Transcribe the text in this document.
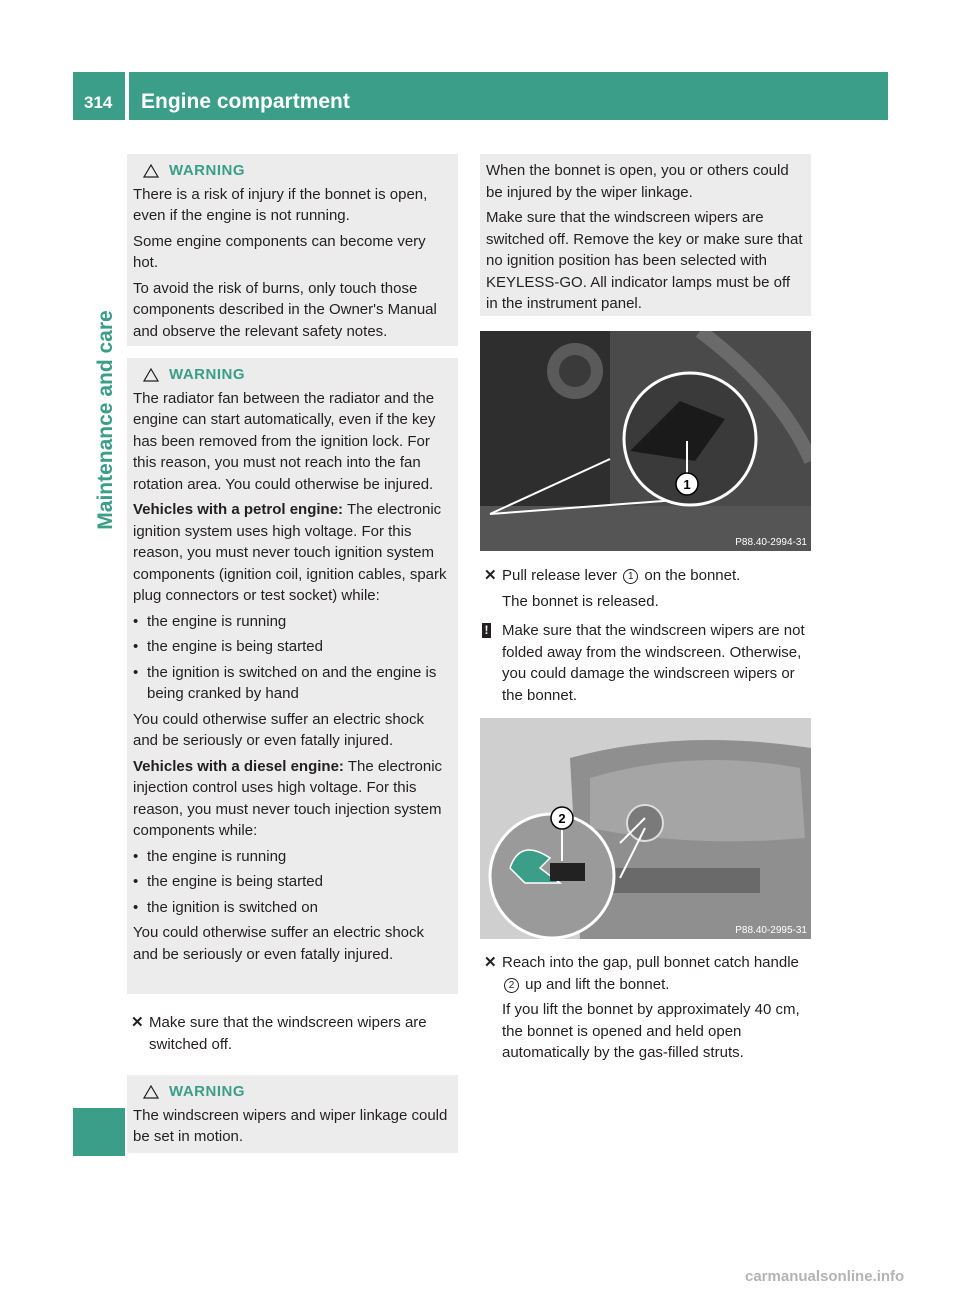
314 Engine compartment
Maintenance and care
WARNING

There is a risk of injury if the bonnet is open, even if the engine is not running.

Some engine components can become very hot.

To avoid the risk of burns, only touch those components described in the Owner's Manual and observe the relevant safety notes.

WARNING

The radiator fan between the radiator and the engine can start automatically, even if the key has been removed from the ignition lock. For this reason, you must not reach into the fan rotation area. You could otherwise be injured.

Vehicles with a petrol engine: The electronic ignition system uses high voltage. For this reason, you must never touch ignition system components (ignition coil, ignition cables, spark plug connectors or test socket) while:

• the engine is running

• the engine is being started

• the ignition is switched on and the engine is being cranked by hand

You could otherwise suffer an electric shock and be seriously or even fatally injured.

Vehicles with a diesel engine: The electronic injection control uses high voltage. For this reason, you must never touch injection system components while:

• the engine is running

• the engine is being started

• the ignition is switched on

You could otherwise suffer an electric shock and be seriously or even fatally injured.

✕ Make sure that the windscreen wipers are switched off.
WARNING

The windscreen wipers and wiper linkage could be set in motion.

When the bonnet is open, you or others could be injured by the wiper linkage.

Make sure that the windscreen wipers are switched off. Remove the key or make sure that no ignition position has been selected with KEYLESS-GO. All indicator lamps must be off in the instrument panel.

1
P88.40-2994-31
✕ Pull release lever 1 on the bonnet.
The bonnet is released.
! Make sure that the windscreen wipers are not folded away from the windscreen. Otherwise, you could damage the windscreen wipers or the bonnet.
2
P88.40-2995-31
✕ Reach into the gap, pull bonnet catch handle 2 up and lift the bonnet.
If you lift the bonnet by approximately 40 cm, the bonnet is opened and held open automatically by the gas-filled struts.
carmanualsonline.info
